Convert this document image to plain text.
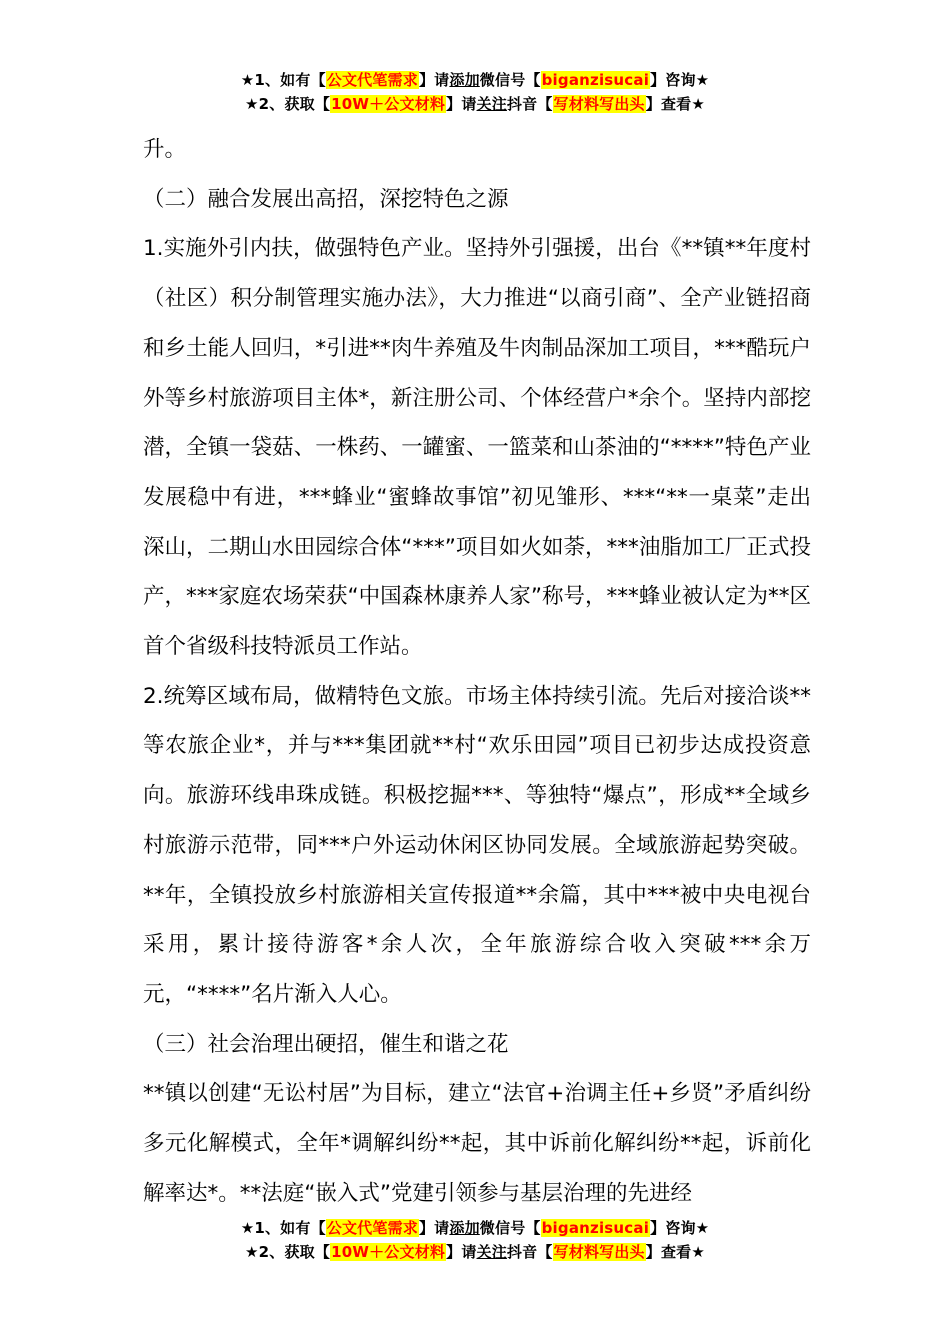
★1、如有【公文代笔需求】请添加微信号【biganzisucai】咨询★
★2、获取【10W＋公文材料】请关注抖音【写材料写出头】查看★

升。

（二）融合发展出高招，深挖特色之源

1.实施外引内扶，做强特色产业。坚持外引强援，出台《**镇**年度村（社区）积分制管理实施办法》，大力推进“以商引商”、全产业链招商和乡土能人回归，*引进**肉牛养殖及牛肉制品深加工项目，***酷玩户外等乡村旅游项目主体*，新注册公司、个体经营户*余个。坚持内部挖潜，全镇一袋菇、一株药、一罐蜜、一篮菜和山茶油的“****”特色产业发展稳中有进，***蜂业“蜜蜂故事馆”初见雏形、***“**一桌菜”走出深山，二期山水田园综合体“***”项目如火如荼，***油脂加工厂正式投产，***家庭农场荣获“中国森林康养人家”称号，***蜂业被认定为**区首个省级科技特派员工作站。

2.统筹区域布局，做精特色文旅。市场主体持续引流。先后对接洽谈**等农旅企业*，并与***集团就**村“欢乐田园”项目已初步达成投资意向。旅游环线串珠成链。积极挖掘***、等独特“爆点”，形成**全域乡村旅游示范带，同***户外运动休闲区协同发展。全域旅游起势突破。**年，全镇投放乡村旅游相关宣传报道**余篇，其中***被中央电视台采用，累计接待游客*余人次，全年旅游综合收入突破***余万元，“****”名片渐入人心。

（三）社会治理出硬招，催生和谐之花

**镇以创建“无讼村居”为目标，建立“法官+治调主任+乡贤”矛盾纠纷多元化解模式，全年*调解纠纷**起，其中诉前化解纠纷**起，诉前化解率达*。**法庭“嵌入式”党建引领参与基层治理的先进经

★1、如有【公文代笔需求】请添加微信号【biganzisucai】咨询★
★2、获取【10W＋公文材料】请关注抖音【写材料写出头】查看★
